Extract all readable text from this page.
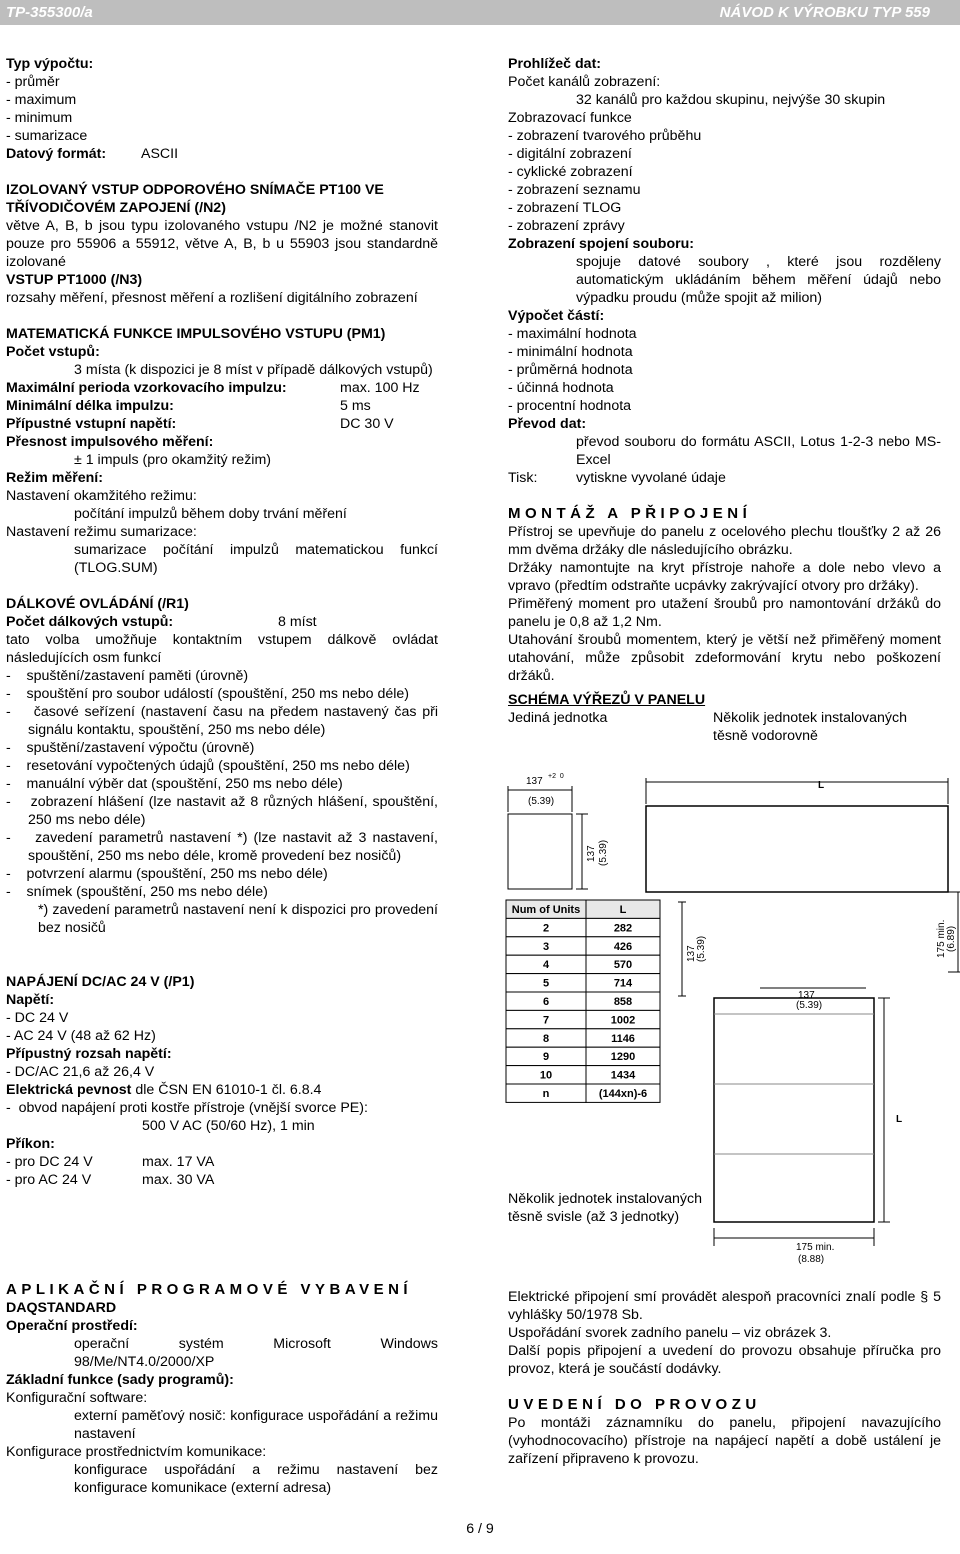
TP-355300/a	NÁVOD K VÝROBKU TYP 559
Typ výpočtu:
- průměr
- maximum
- minimum
- sumarizace
Datový formát: ASCII
IZOLOVANÝ VSTUP ODPOROVÉHO SNÍMAČE PT100 VE
TŘÍVODIČOVÉM ZAPOJENÍ (/N2)
větve A, B, b jsou typu izolovaného vstupu /N2 je možné stanovit pouze pro 55906 a 55912, větve A, B, b u 55903 jsou standardně izolované
VSTUP PT1000 (/N3)
rozsahy měření, přesnost měření a rozlišení digitálního zobrazení
MATEMATICKÁ FUNKCE IMPULSOVÉHO VSTUPU (PM1)
Počet vstupů:
3 místa (k dispozici je 8 míst v případě dálkových vstupů)
Maximální perioda vzorkovacího impulzu:	max. 100 Hz
Minimální délka impulzu:	5 ms
Přípustné vstupní napětí:	DC 30 V
Přesnost impulsového měření:
± 1 impuls (pro okamžitý režim)
Režim měření:
Nastavení okamžitého režimu:
počítání impulzů během doby trvání měření
Nastavení režimu sumarizace:
sumarizace počítání impulzů matematickou funkcí (TLOG.SUM)
DÁLKOVÉ OVLÁDÁNÍ (/R1)
Počet dálkových vstupů:	8 míst
tato volba umožňuje kontaktním vstupem dálkově ovládat následujících osm funkcí
-    spuštění/zastavení paměti (úrovně)
-    spouštění pro soubor událostí (spouštění, 250 ms nebo déle)
-    časové seřízení (nastavení času na předem nastavený čas při signálu kontaktu, spouštění, 250 ms nebo déle)
-    spuštění/zastavení výpočtu (úrovně)
-    resetování vypočtených údajů (spouštění, 250 ms nebo déle)
-    manuální výběr dat (spouštění, 250 ms nebo déle)
-    zobrazení hlášení (lze nastavit až 8 různých hlášení, spouštění, 250 ms nebo déle)
-    zavedení parametrů nastavení *) (lze nastavit až 3 nastavení, spouštění, 250 ms nebo déle, kromě provedení bez nosičů)
-    potvrzení alarmu (spouštění, 250 ms nebo déle)
-    snímek (spouštění, 250 ms nebo déle)
*) zavedení parametrů nastavení není k dispozici pro provedení bez nosičů
NAPÁJENÍ DC/AC 24 V (/P1)
Napětí:
- DC 24 V
- AC 24 V (48 až 62 Hz)
Přípustný rozsah napětí:
- DC/AC 21,6 až 26,4 V
Elektrická pevnost dle ČSN EN 61010-1 čl. 6.8.4
-  obvod napájení proti kostře přístroje (vnější svorce PE):
500 V AC (50/60 Hz), 1 min
Příkon:
- pro DC 24 V	max. 17 VA
- pro AC 24 V	max. 30 VA
APLIKAČNÍ PROGRAMOVÉ VYBAVENÍ
DAQSTANDARD
Operační prostředí:
operační systém Microsoft Windows 98/Me/NT4.0/2000/XP
Základní funkce (sady programů):
Konfigurační software:
externí paměťový nosič: konfigurace uspořádání a režimu nastavení
Konfigurace prostřednictvím komunikace:
konfigurace uspořádání a režimu nastavení bez konfigurace komunikace (externí adresa)
Prohlížeč dat:
Počet kanálů zobrazení:
32 kanálů pro každou skupinu, nejvýše 30 skupin
Zobrazovací funkce
- zobrazení tvarového průběhu
- digitální zobrazení
- cyklické zobrazení
- zobrazení seznamu
- zobrazení TLOG
- zobrazení zprávy
Zobrazení spojení souboru:
spojuje datové soubory , které jsou rozděleny automatickým ukládáním během měření údajů nebo výpadku proudu (může spojit až milion)
Výpočet částí:
- maximální hodnota
- minimální hodnota
- průměrná hodnota
- účinná hodnota
- procentní hodnota
Převod dat:
převod souboru do formátu ASCII, Lotus 1-2-3 nebo MS-Excel
Tisk:	vytiskne vyvolané údaje
MONTÁŽ A PŘIPOJENÍ
Přístroj se upevňuje do panelu z ocelového plechu tloušťky 2 až 26 mm dvěma držáky dle následujícího obrázku.
Držáky namontujte na kryt přístroje nahoře a dole nebo vlevo a vpravo (předtím odstraňte ucpávky zakrývající otvory pro držáky).
Přiměřený moment pro utažení šroubů pro namontování držáků do panelu je 0,8 až 1,2 Nm.
Utahování šroubů momentem, který je větší než přiměřený moment utahování, může způsobit zdeformování krytu nebo poškození držáků.
SCHÉMA VÝŘEZŮ V PANELU
Jediná jednotka	Několik jednotek instalovaných těsně vodorovně
Num of Units	L
2	282
3	426
4	570
5	714
6	858
7	1002
8	1146
9	1290
10	1434
n	(144xn)-6
137 +2  0
(5.39)
137 (5.39)
L
175 min. (6.89)
137 (5.39)
137
(5.39)
L
175 min.
(8.88)
Několik jednotek instalovaných těsně svisle (až 3 jednotky)
Elektrické připojení smí provádět alespoň pracovníci znalí podle § 5 vyhlášky 50/1978 Sb.
Uspořádání svorek zadního panelu – viz obrázek 3.
Další popis připojení a uvedení do provozu obsahuje příručka pro provoz, která je součástí dodávky.
UVEDENÍ DO PROVOZU
Po montáži záznamníku do panelu, připojení navazujícího (vyhodnocovacího) přístroje na napájecí napětí a době ustálení je zařízení připraveno k provozu.
6 / 9
